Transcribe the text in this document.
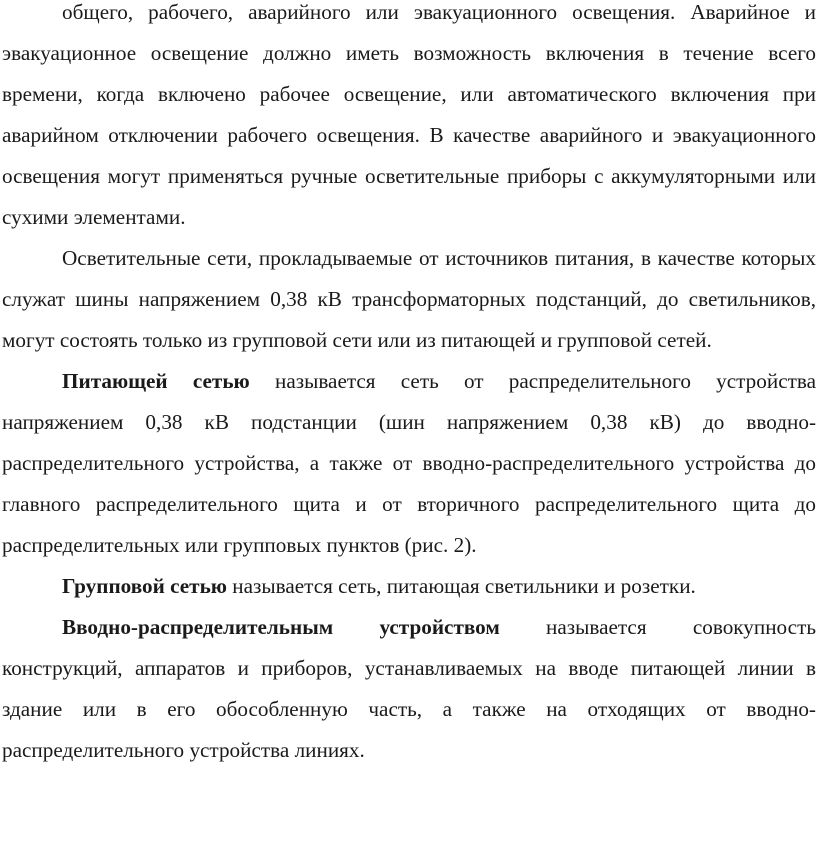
общего, рабочего, аварийного или эвакуационного освещения. Аварийное и эвакуационное освещение должно иметь возможность включения в течение всего времени, когда включено рабочее освещение, или автоматического включения при аварийном отключении рабочего освещения. В качестве аварийного и эвакуационного освещения могут применяться ручные осветительные приборы с аккумуляторными или сухими элементами.

Осветительные сети, прокладываемые от источников питания, в качестве которых служат шины напряжением 0,38 кВ трансформаторных подстанций, до светильников, могут состоять только из групповой сети или из питающей и групповой сетей.

Питающей сетью называется сеть от распределительного устройства напряжением 0,38 кВ подстанции (шин напряжением 0,38 кВ) до вводно-распределительного устройства, а также от вводно-распределительного устройства до главного распределительного щита и от вторичного распределительного щита до распределительных или групповых пунктов (рис. 2).

Групповой сетью называется сеть, питающая светильники и розетки.

Вводно-распределительным устройством называется совокупность конструкций, аппаратов и приборов, устанавливаемых на вводе питающей линии в здание или в его обособленную часть, а также на отходящих от вводно-распределительного устройства линиях.
